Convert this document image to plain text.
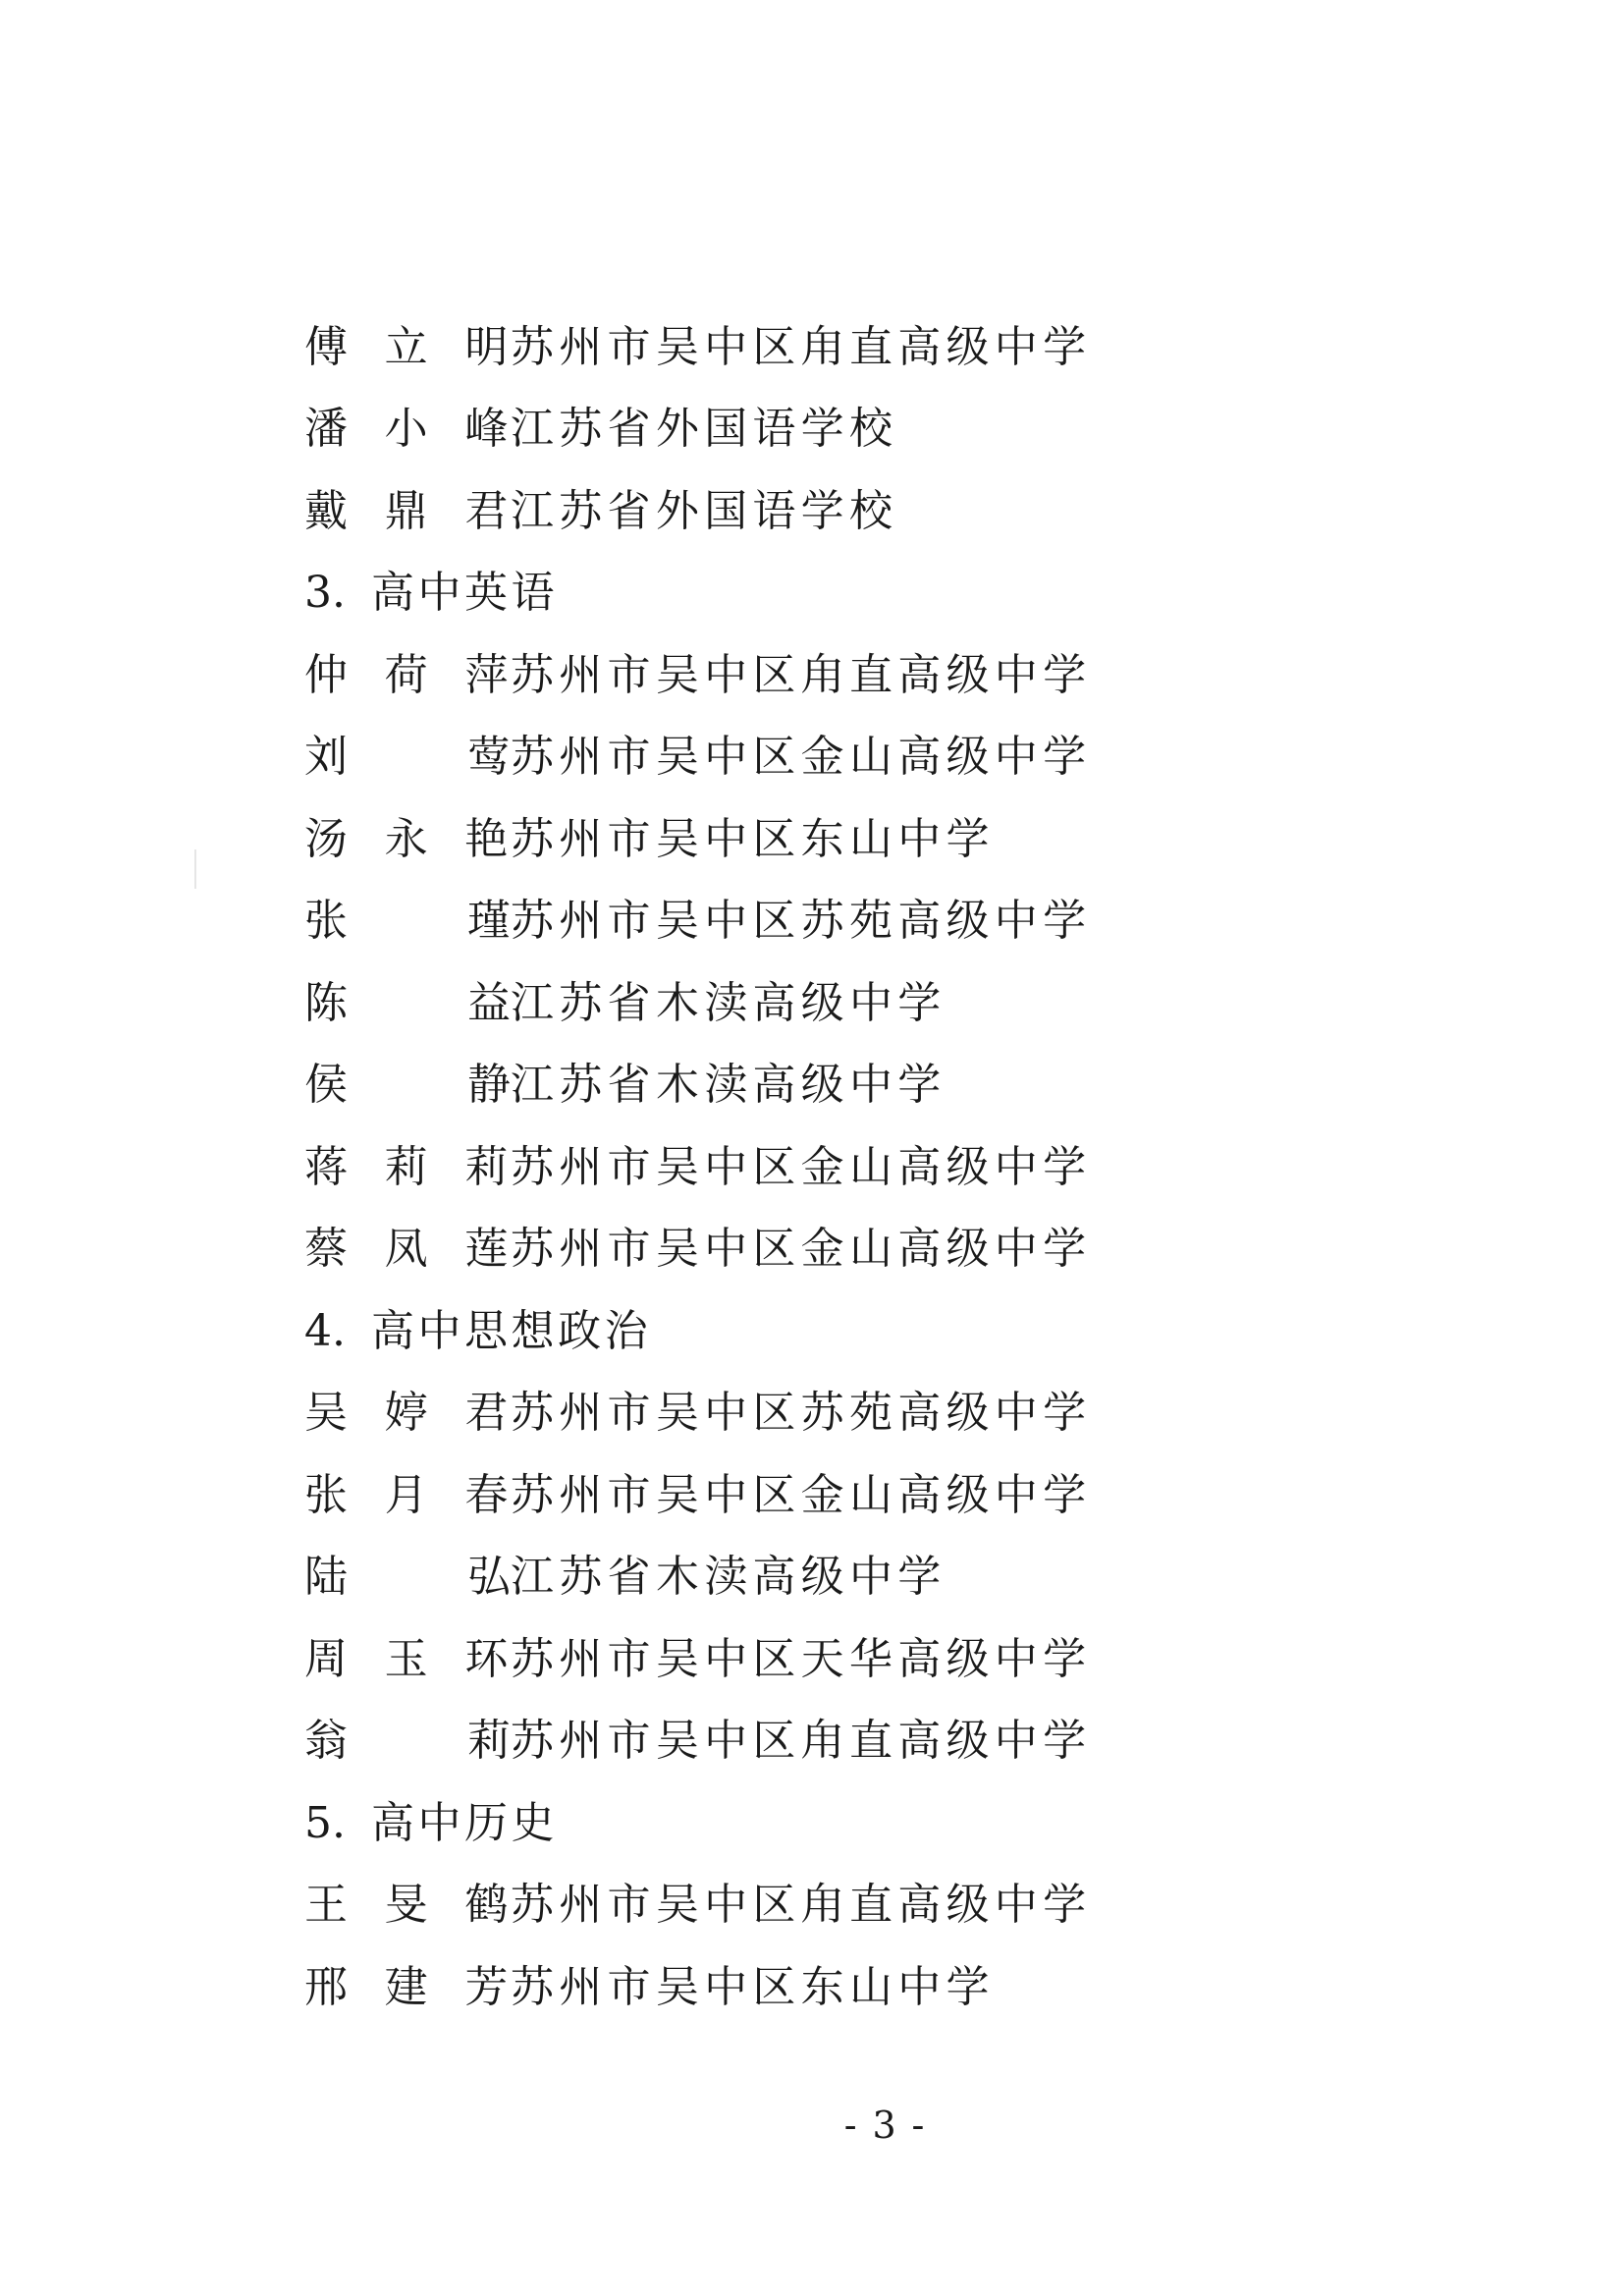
傅 立 明 苏州市吴中区甪直高级中学
潘 小 峰 江苏省外国语学校
戴 鼎 君 江苏省外国语学校
3. 高中英语
仲 荷 萍 苏州市吴中区甪直高级中学
刘	莺 苏州市吴中区金山高级中学
汤 永 艳 苏州市吴中区东山中学
张	瑾 苏州市吴中区苏苑高级中学
陈	益 江苏省木渎高级中学
侯	静 江苏省木渎高级中学
蒋 莉 莉 苏州市吴中区金山高级中学
蔡 凤 莲 苏州市吴中区金山高级中学
4. 高中思想政治
吴 婷 君 苏州市吴中区苏苑高级中学
张 月 春 苏州市吴中区金山高级中学
陆	弘 江苏省木渎高级中学
周 玉 环 苏州市吴中区天华高级中学
翁	莉 苏州市吴中区甪直高级中学
5. 高中历史
王 旻 鹤 苏州市吴中区甪直高级中学
邢 建 芳 苏州市吴中区东山中学
- 3 -
